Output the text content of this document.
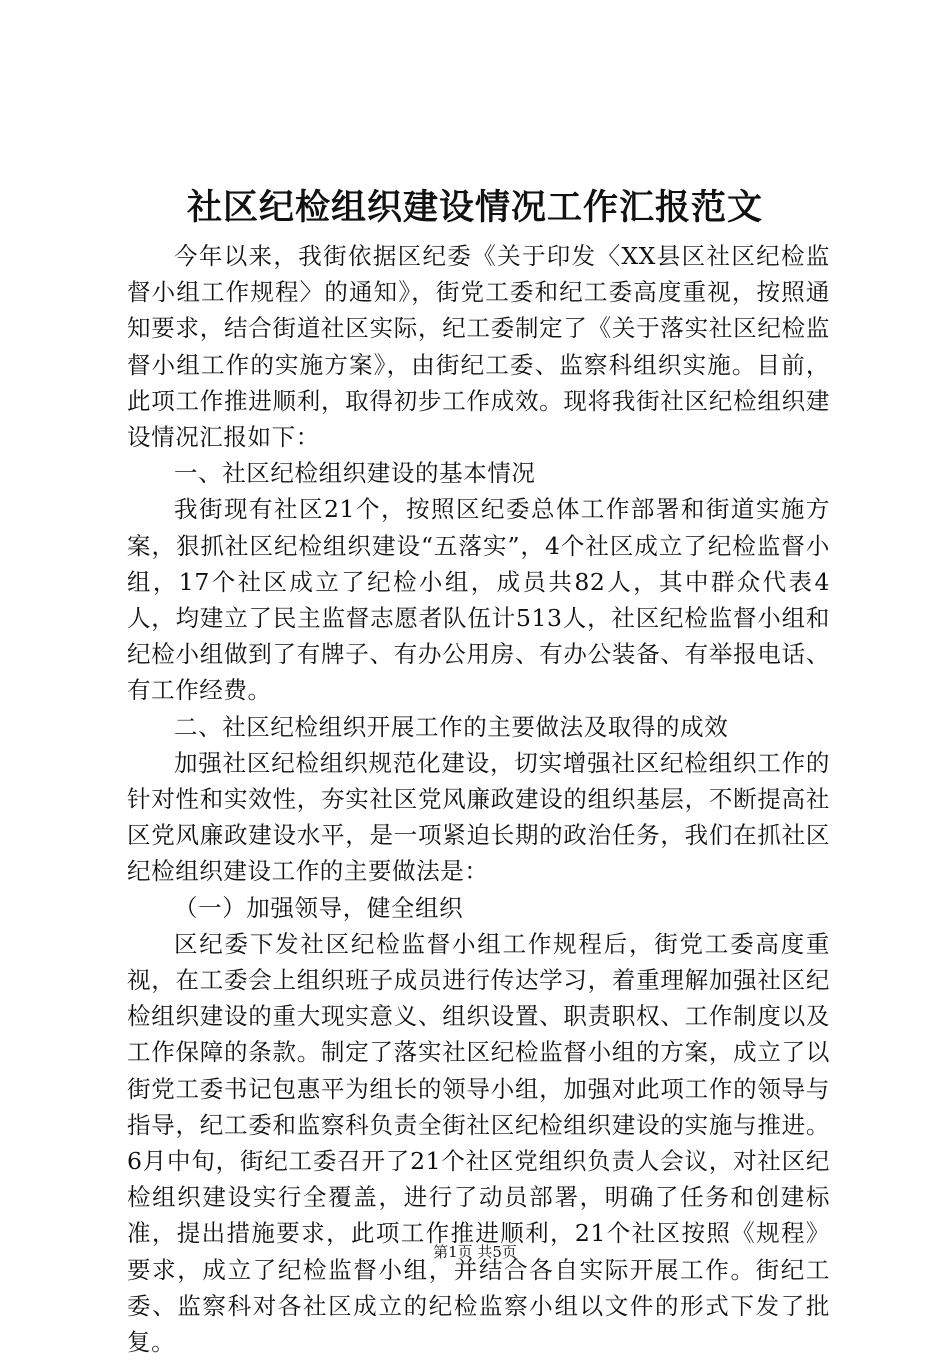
社区纪检组织建设情况工作汇报范文

今年以来，我街依据区纪委《关于印发〈XX县区社区纪检监督小组工作规程〉的通知》，街党工委和纪工委高度重视，按照通知要求，结合街道社区实际，纪工委制定了《关于落实社区纪检监督小组工作的实施方案》，由街纪工委、监察科组织实施。目前，此项工作推进顺利，取得初步工作成效。现将我街社区纪检组织建设情况汇报如下：

一、社区纪检组织建设的基本情况

我街现有社区21个，按照区纪委总体工作部署和街道实施方案，狠抓社区纪检组织建设“五落实”，4个社区成立了纪检监督小组，17个社区成立了纪检小组，成员共82人，其中群众代表4人，均建立了民主监督志愿者队伍计513人，社区纪检监督小组和纪检小组做到了有牌子、有办公用房、有办公装备、有举报电话、有工作经费。

二、社区纪检组织开展工作的主要做法及取得的成效

加强社区纪检组织规范化建设，切实增强社区纪检组织工作的针对性和实效性，夯实社区党风廉政建设的组织基层，不断提高社区党风廉政建设水平，是一项紧迫长期的政治任务，我们在抓社区纪检组织建设工作的主要做法是：

（一）加强领导，健全组织

区纪委下发社区纪检监督小组工作规程后，街党工委高度重视，在工委会上组织班子成员进行传达学习，着重理解加强社区纪检组织建设的重大现实意义、组织设置、职责职权、工作制度以及工作保障的条款。制定了落实社区纪检监督小组的方案，成立了以街党工委书记包惠平为组长的领导小组，加强对此项工作的领导与指导，纪工委和监察科负责全街社区纪检组织建设的实施与推进。6月中旬，街纪工委召开了21个社区党组织负责人会议，对社区纪检组织建设实行全覆盖，进行了动员部署，明确了任务和创建标准，提出措施要求，此项工作推进顺利，21个社区按照《规程》要求，成立了纪检监督小组，并结合各自实际开展工作。街纪工委、监察科对各社区成立的纪检监察小组以文件的形式下发了批复。

第1页 共5页
